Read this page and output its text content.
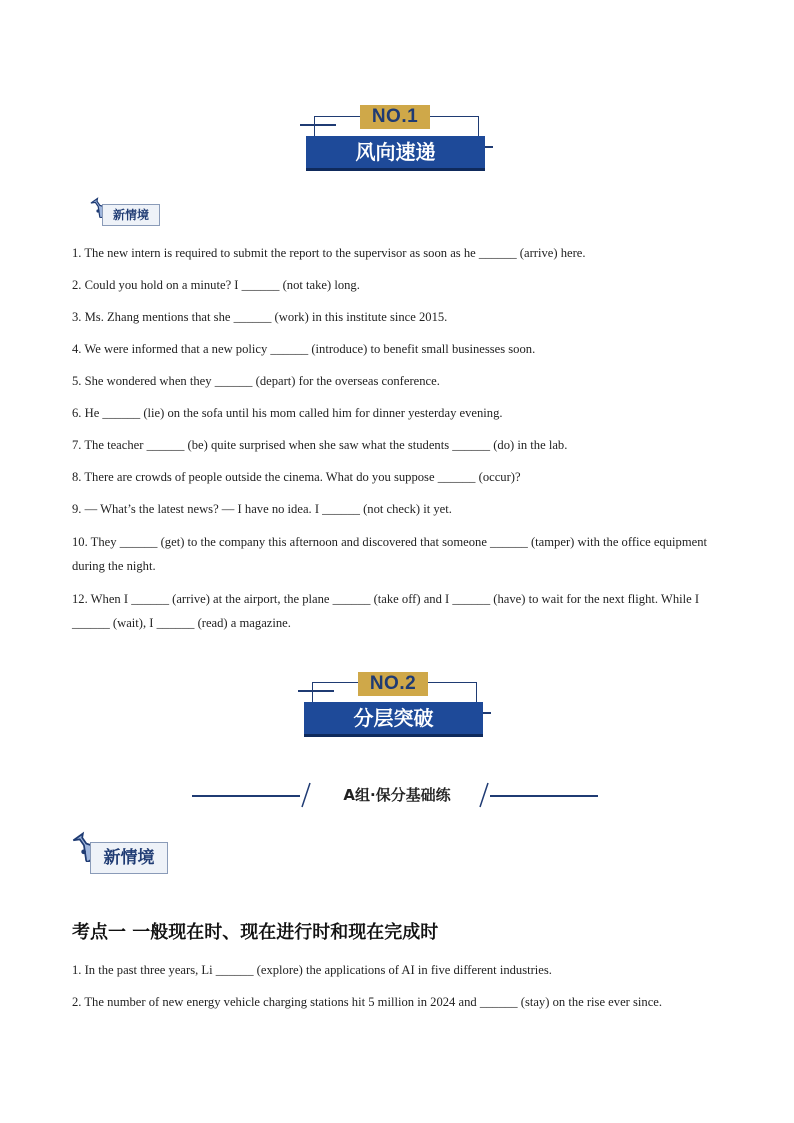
NO.1
风向速递
新情境
1. The new intern is required to submit the report to the supervisor as soon as he ______ (arrive) here.
2. Could you hold on a minute? I ______ (not take) long.
3. Ms. Zhang mentions that she ______ (work) in this institute since 2015.
4. We were informed that a new policy ______ (introduce) to benefit small businesses soon.
5. She wondered when they ______ (depart) for the overseas conference.
6. He ______ (lie) on the sofa until his mom called him for dinner yesterday evening.
7. The teacher ______ (be) quite surprised when she saw what the students ______ (do) in the lab.
8. There are crowds of people outside the cinema. What do you suppose ______ (occur)?
9. — What’s the latest news? — I have no idea. I ______ (not check) it yet.
10. They ______ (get) to the company this afternoon and discovered that someone ______ (tamper) with the office equipment during the night.
12. When I ______ (arrive) at the airport, the plane ______ (take off) and I ______ (have) to wait for the next flight. While I ______ (wait), I ______ (read) a magazine.
NO.2
分层突破
A组·保分基础练
新情境
考点一 一般现在时、现在进行时和现在完成时
1. In the past three years, Li ______ (explore) the applications of AI in five different industries.
2. The number of new energy vehicle charging stations hit 5 million in 2024 and ______ (stay) on the rise ever since.
